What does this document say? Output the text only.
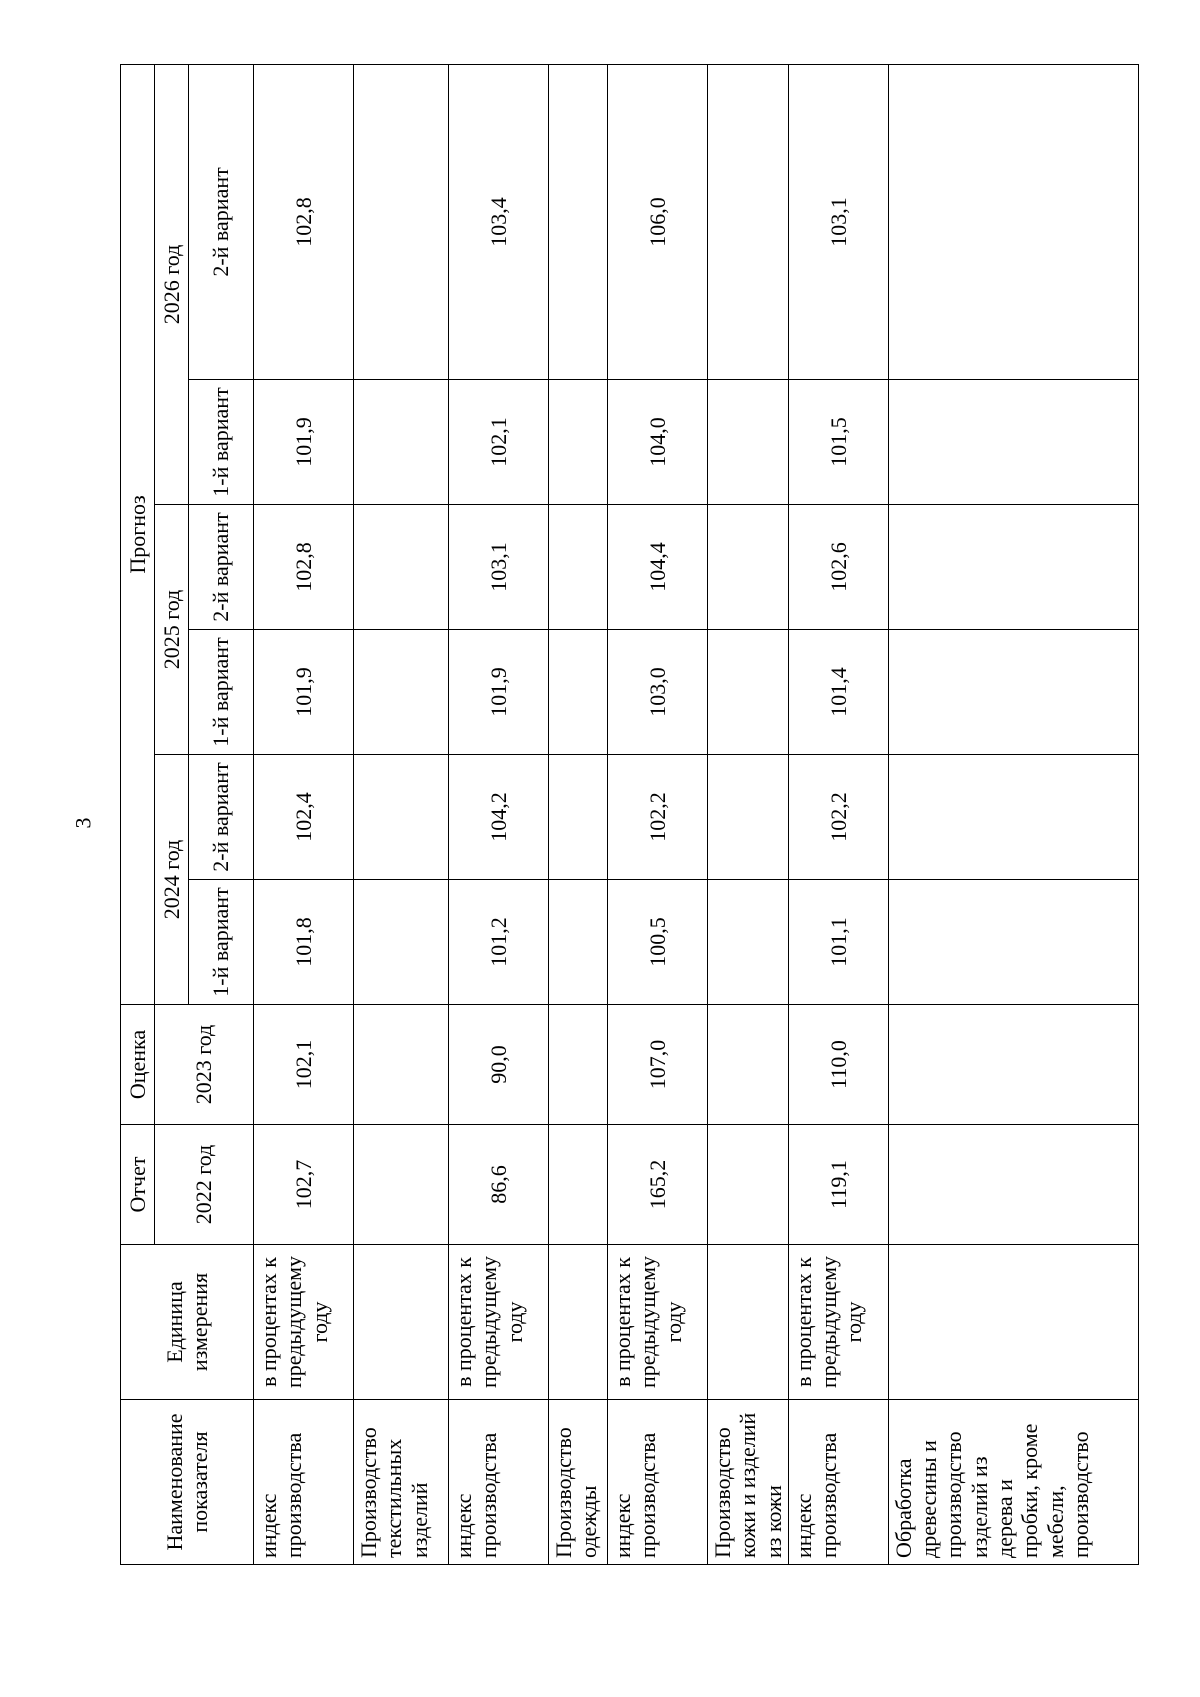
3
Наименование показателя	Единица измерения	Отчет	Оценка	Прогноз					
		2022 год	2023 год	2024 год		2025 год		2026 год	
				1-й вариант	2-й вариант	1-й вариант	2-й вариант	1-й вариант	2-й вариант
индекс производства	в процентах к предыдущему году	102,7	102,1	101,8	102,4	101,9	102,8	101,9	102,8
Производство текстильных изделий									
индекс производства	в процентах к предыдущему году	86,6	90,0	101,2	104,2	101,9	103,1	102,1	103,4
Производство одежды									
индекс производства	в процентах к предыдущему году	165,2	107,0	100,5	102,2	103,0	104,4	104,0	106,0
Производство кожи и изделий из кожи									
индекс производства	в процентах к предыдущему году	119,1	110,0	101,1	102,2	101,4	102,6	101,5	103,1
Обработка древесины и производство изделий из дерева и пробки, кроме мебели, производство									
